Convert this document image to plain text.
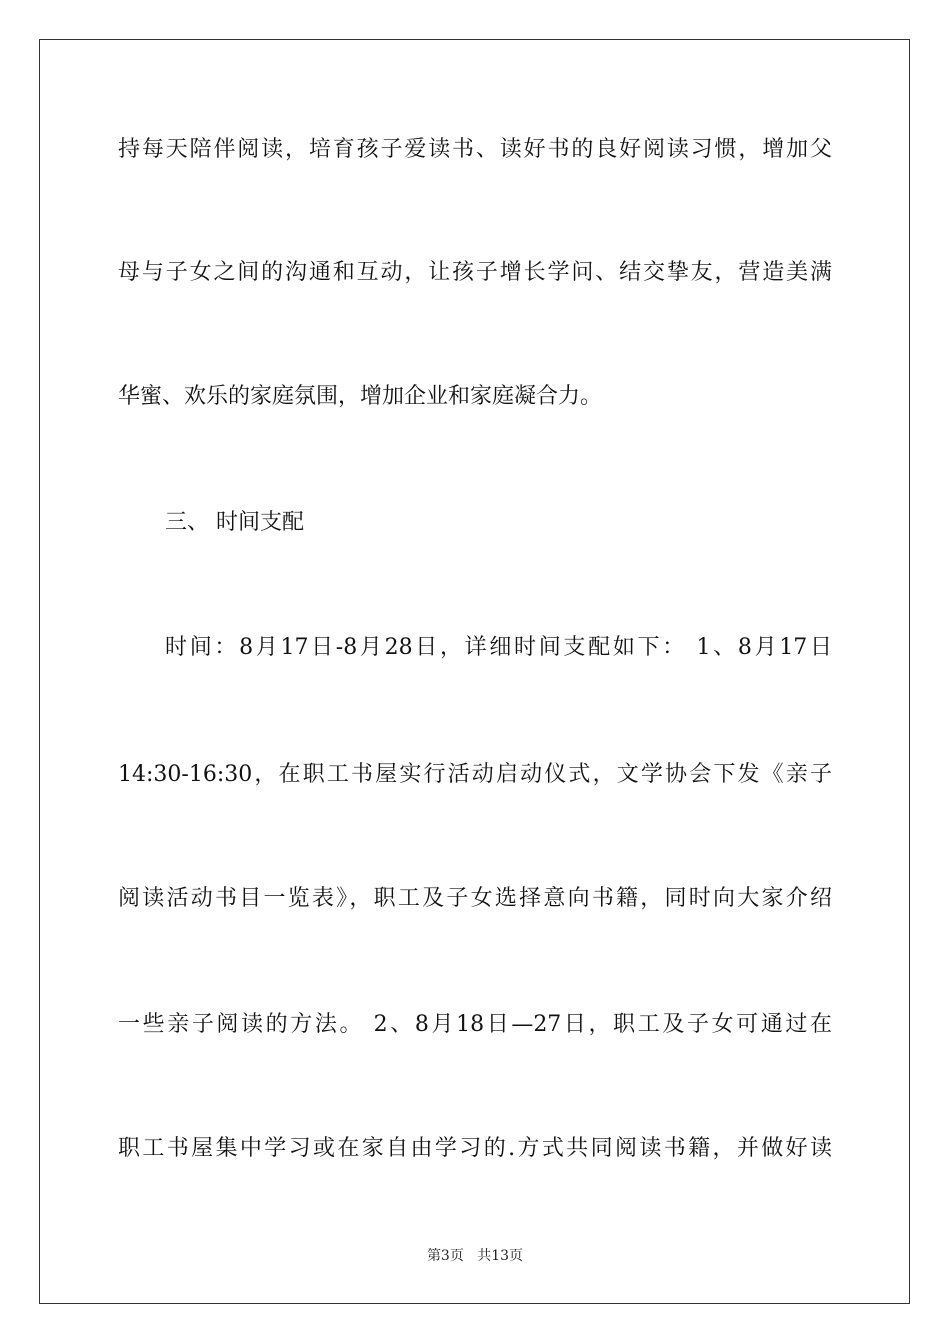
持每天陪伴阅读，培育孩子爱读书、读好书的良好阅读习惯，增加父
母与子女之间的沟通和互动，让孩子增长学问、结交挚友，营造美满
华蜜、欢乐的家庭氛围，增加企业和家庭凝合力。
三、 时间支配
时间：8月17日-8月28日，详细时间支配如下： 1、8月17日
14:30-16:30，在职工书屋实行活动启动仪式，文学协会下发《亲子
阅读活动书目一览表》，职工及子女选择意向书籍，同时向大家介绍
一些亲子阅读的方法。 2、8月18日—27日，职工及子女可通过在
职工书屋集中学习或在家自由学习的.方式共同阅读书籍，并做好读
第3页 共13页
